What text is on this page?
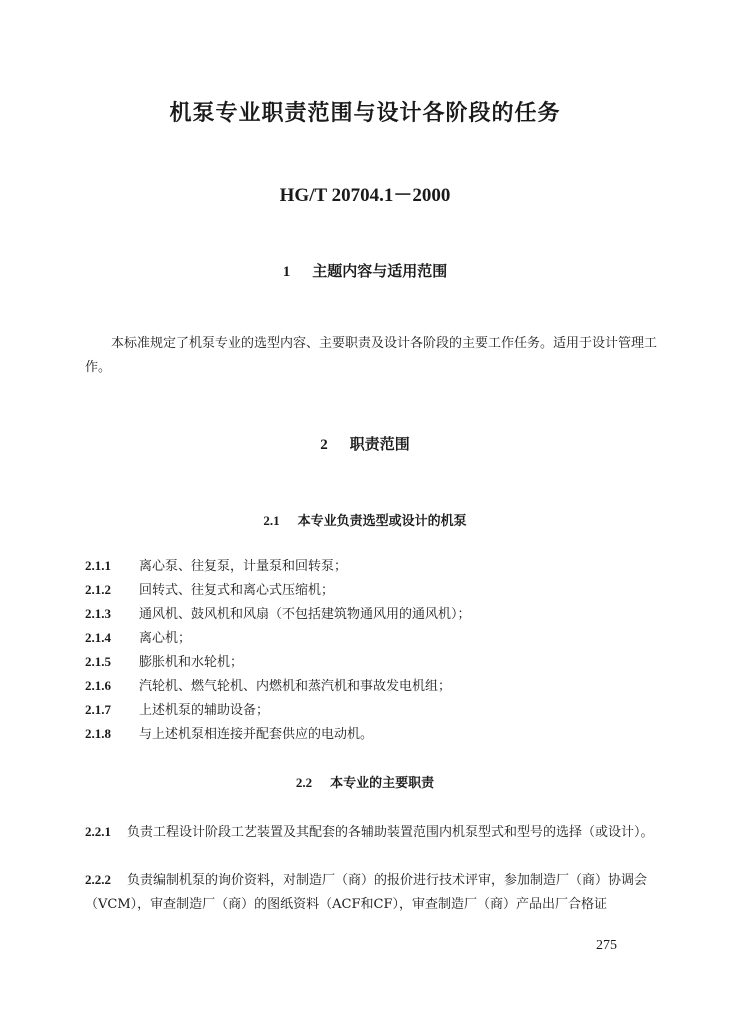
机泵专业职责范围与设计各阶段的任务
HG/T 20704.1－2000
1 主题内容与适用范围
本标准规定了机泵专业的选型内容、主要职责及设计各阶段的主要工作任务。适用于设计管理工作。
2 职责范围
2.1 本专业负责选型或设计的机泵
2.1.1 离心泵、往复泵，计量泵和回转泵；
2.1.2 回转式、往复式和离心式压缩机；
2.1.3 通风机、鼓风机和风扇（不包括建筑物通风用的通风机）；
2.1.4 离心机；
2.1.5 膨胀机和水轮机；
2.1.6 汽轮机、燃气轮机、内燃机和蒸汽机和事故发电机组；
2.1.7 上述机泵的辅助设备；
2.1.8 与上述机泵相连接并配套供应的电动机。
2.2 本专业的主要职责
2.2.1 负责工程设计阶段工艺装置及其配套的各辅助装置范围内机泵型式和型号的选择（或设计）。
2.2.2 负责编制机泵的询价资料，对制造厂（商）的报价进行技术评审，参加制造厂（商）协调会（VCM），审查制造厂（商）的图纸资料（ACF和CF），审查制造厂（商）产品出厂合格证
275
